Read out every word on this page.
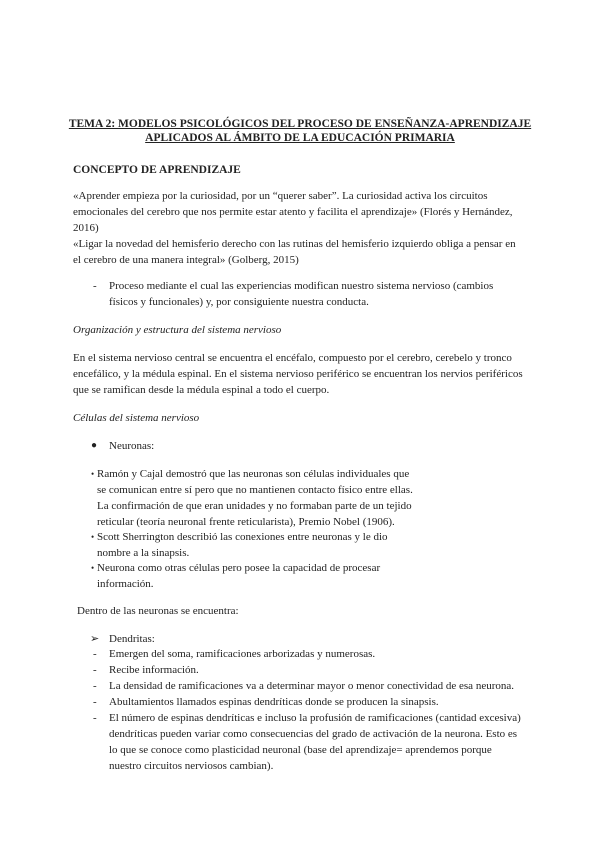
TEMA 2: MODELOS PSICOLÓGICOS DEL PROCESO DE ENSEÑANZA-APRENDIZAJE
APLICADOS AL ÁMBITO DE LA EDUCACIÓN PRIMARIA
CONCEPTO DE APRENDIZAJE
«Aprender empieza por la curiosidad, por un “querer saber”. La curiosidad activa los circuitos
emocionales del cerebro que nos permite estar atento y facilita el aprendizaje» (Florés y Hernández,
2016)
«Ligar la novedad del hemisferio derecho con las rutinas del hemisferio izquierdo obliga a pensar en
el cerebro de una manera integral» (Golberg, 2015)
- Proceso mediante el cual las experiencias modifican nuestro sistema nervioso (cambios
físicos y funcionales) y, por consiguiente nuestra conducta.
Organización y estructura del sistema nervioso
En el sistema nervioso central se encuentra el encéfalo, compuesto por el cerebro, cerebelo y tronco
encefálico, y la médula espinal. En el sistema nervioso periférico se encuentran los nervios periféricos
que se ramifican desde la médula espinal a todo el cuerpo.
Células del sistema nervioso
● Neuronas:
• Ramón y Cajal demostró que las neuronas son células individuales que
se comunican entre sí pero que no mantienen contacto físico entre ellas.
La confirmación de que eran unidades y no formaban parte de un tejido
reticular (teoría neuronal frente reticularista), Premio Nobel (1906).
• Scott Sherrington describió las conexiones entre neuronas y le dio
nombre a la sinapsis.
• Neurona como otras células pero posee la capacidad de procesar
información.
Dentro de las neuronas se encuentra:
➢ Dendritas:
- Emergen del soma, ramificaciones arborizadas y numerosas.
- Recibe información.
- La densidad de ramificaciones va a determinar mayor o menor conectividad de esa neurona.
- Abultamientos llamados espinas dendríticas donde se producen la sinapsis.
- El número de espinas dendríticas e incluso la profusión de ramificaciones (cantidad excesiva)
dendríticas pueden variar como consecuencias del grado de activación de la neurona. Esto es
lo que se conoce como plasticidad neuronal (base del aprendizaje= aprendemos porque
nuestro circuitos nerviosos cambian).
